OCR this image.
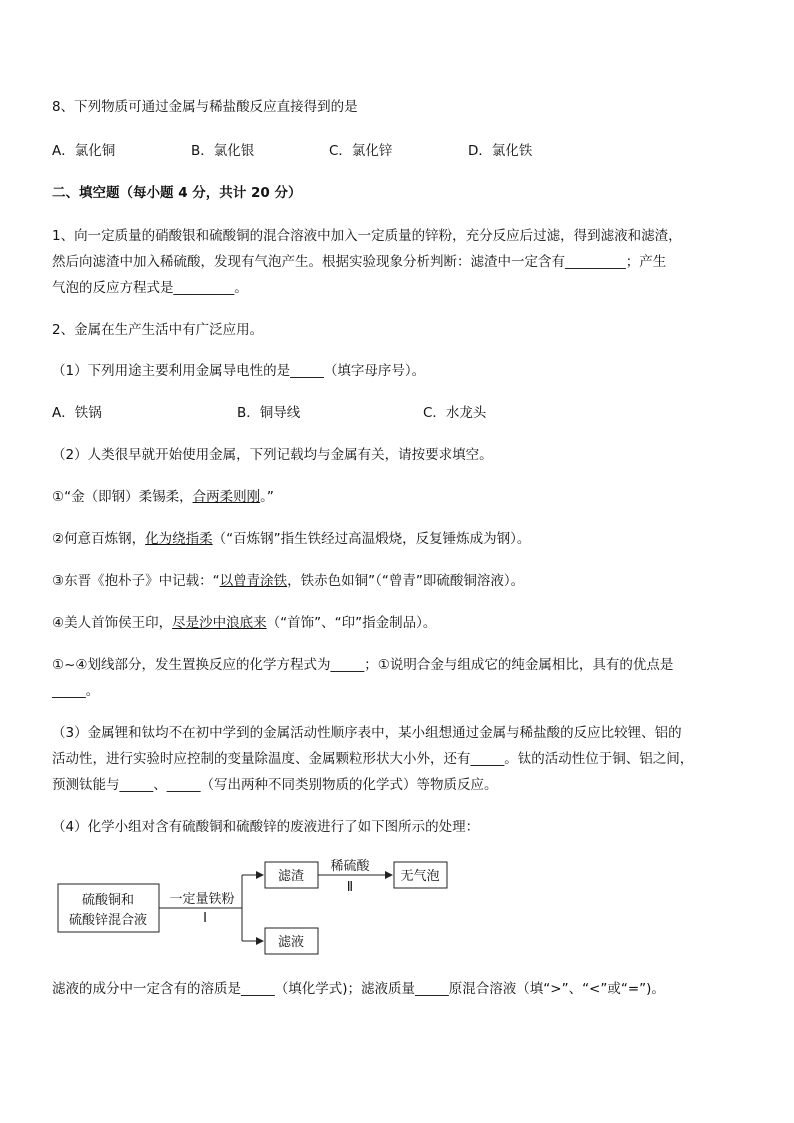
8、下列物质可通过金属与稀盐酸反应直接得到的是
A．氯化铜	B．氯化银	C．氯化锌	D．氯化铁
二、填空题（每小题 4 分，共计 20 分）
1、向一定质量的硝酸银和硫酸铜的混合溶液中加入一定质量的锌粉，充分反应后过滤，得到滤液和滤渣，
然后向滤渣中加入稀硫酸，发现有气泡产生。根据实验现象分析判断：滤渣中一定含有_________；产生
气泡的反应方程式是_________。
2、金属在生产生活中有广泛应用。
（1）下列用途主要利用金属导电性的是_____（填字母序号）。
A．铁锅	B．铜导线	C．水龙头
（2）人类很早就开始使用金属，下列记载均与金属有关，请按要求填空。
①“金（即钢）柔锡柔，合两柔则刚。”
②何意百炼钢，化为绕指柔（“百炼钢”指生铁经过高温煅烧，反复锤炼成为钢）。
③东晋《抱朴子》中记载：“以曾青涂铁，铁赤色如铜”（“曾青”即硫酸铜溶液）。
④美人首饰侯王印，尽是沙中浪底来（“首饰”、“印”指金制品）。
①~④划线部分，发生置换反应的化学方程式为_____；①说明合金与组成它的纯金属相比，具有的优点是
_____。
（3）金属锂和钛均不在初中学到的金属活动性顺序表中，某小组想通过金属与稀盐酸的反应比较锂、铝的
活动性，进行实验时应控制的变量除温度、金属颗粒形状大小外，还有_____。钛的活动性位于铜、铝之间，
预测钛能与_____、_____（写出两种不同类别物质的化学式）等物质反应。
（4）化学小组对含有硫酸铜和硫酸锌的废液进行了如下图所示的处理：
硫酸铜和
硫酸锌混合液
一定量铁粉
Ⅰ
滤渣
滤液
稀硫酸
Ⅱ
无气泡
滤液的成分中一定含有的溶质是_____（填化学式)；滤液质量_____原混合溶液（填“>”、“<”或“=”)。
